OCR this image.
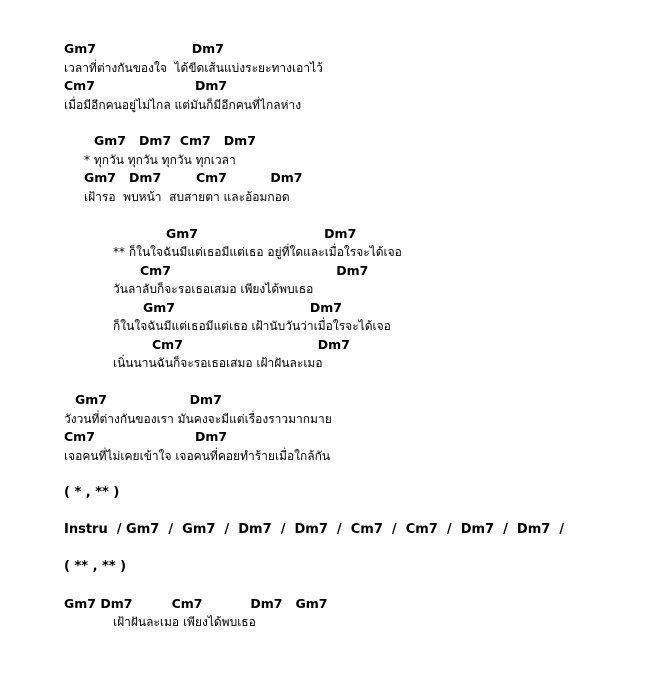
Gm7                      Dm7
เวลาที่ต่างกันของใจ  ได้ขีดเส้นแบ่งระยะทางเอาไว้
Cm7                       Dm7
เมื่อมีอีกคนอยู่ไม่ไกล แต่มันก็มีอีกคนที่ไกลห่าง
Gm7   Dm7  Cm7   Dm7
* ทุกวัน ทุกวัน ทุกวัน ทุกเวลา
Gm7   Dm7        Cm7          Dm7
เฝ้ารอ  พบหน้า  สบสายตา และอ้อมกอด
Gm7                             Dm7
** ก็ในใจฉันมีแต่เธอมีแต่เธอ อยู่ที่ใดและเมื่อใรจะได้เจอ
Cm7                                      Dm7
วันลาลับก็จะรอเธอเสมอ เพียงได้พบเธอ
Gm7                               Dm7
ก็ในใจฉันมีแต่เธอมีแต่เธอ เฝ้านับวันว่าเมื่อใรจะได้เจอ
Cm7                               Dm7
เนิ่นนานฉันก็จะรอเธอเสมอ เฝ้าฝันละเมอ
Gm7                   Dm7
วังวนที่ต่างกันของเรา มันคงจะมีแต่เรื่องราวมากมาย
Cm7                       Dm7
เจอคนที่ไม่เคยเข้าใจ เจอคนที่คอยทำร้ายเมื่อใกล้กัน
( * , ** )
Instru  / Gm7  /  Gm7  /  Dm7  /  Dm7  /  Cm7  /  Cm7  /  Dm7  /  Dm7  /
( ** , ** )
Gm7 Dm7         Cm7           Dm7   Gm7
เฝ้าฝันละเมอ เพียงได้พบเธอ
